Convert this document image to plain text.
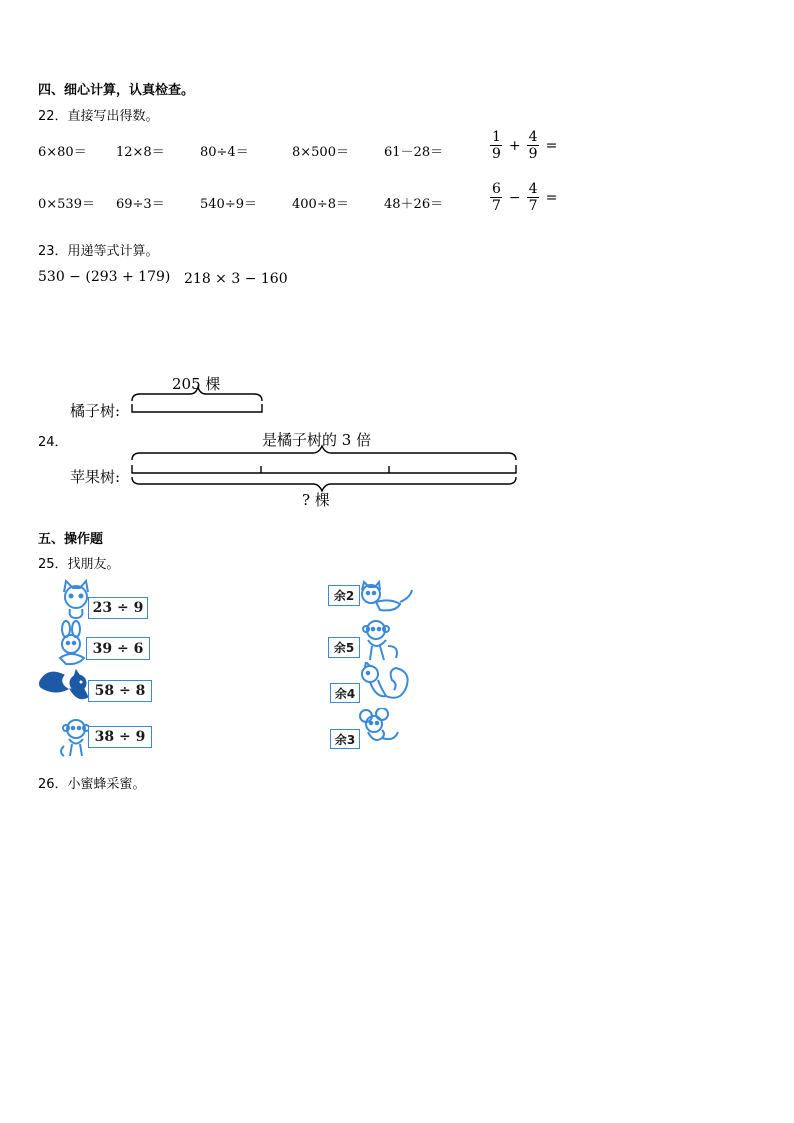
四、细心计算，认真检查。
22．直接写出得数。
6×80＝ 12×8＝	80÷4＝	8×500＝	61－28＝
1
9
+
4
9
=
0×539＝ 69÷3＝	540÷9＝	400÷8＝	48＋26＝
6
7
−
4
7
=
23．用递等式计算。
530 − (293 + 179) 218 × 3 − 160
205 棵
橘子树:
24．	是橘子树的 3 倍
苹果树:
? 棵
五、操作题
25．找朋友。
23 ÷ 9
39 ÷ 6
58 ÷ 8
38 ÷ 9
余2
余5
余4
余3
26．小蜜蜂采蜜。
